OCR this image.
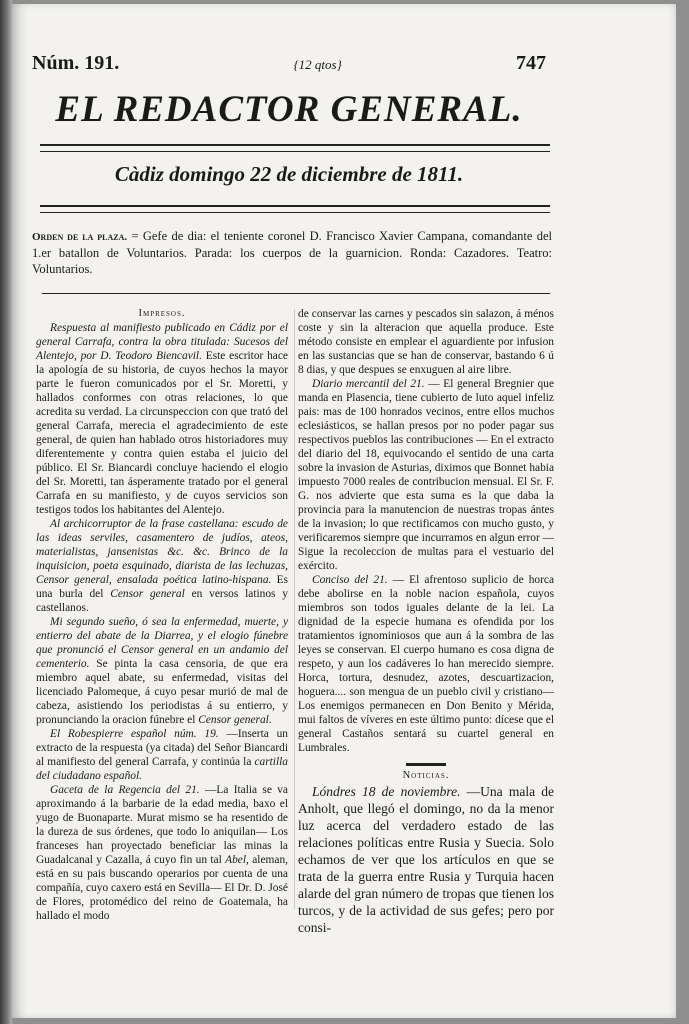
Núm. 191.	{12 qtos}	747
EL REDACTOR GENERAL.
Càdiz domingo 22 de diciembre de 1811.
Orden de la plaza. = Gefe de dia: el teniente coronel D. Francisco Xavier Campana, comandante del 1.er batallon de Voluntarios. Parada: los cuerpos de la guarnicion. Ronda: Cazadores. Teatro: Voluntarios.

Impresos.

Respuesta al manifiesto publicado en Cádiz por el general Carrafa, contra la obra titulada: Sucesos del Alentejo, por D. Teodoro Biencavil. Este escritor hace la apología de su historia, de cuyos hechos la mayor parte le fueron comunicados por el Sr. Moretti, y hallados conformes con otras relaciones, lo que acredita su verdad. La circunspeccion con que trató del general Carrafa, merecia el agradecimiento de este general, de quien han hablado otros historiadores muy diferentemente y contra quien estaba el juicio del público. El Sr. Biancardi concluye haciendo el elogio del Sr. Moretti, tan ásperamente tratado por el general Carrafa en su manifiesto, y de cuyos servicios son testigos todos los habitantes del Alentejo.

Al archicorruptor de la frase castellana: escudo de las ideas serviles, casamentero de judíos, ateos, materialistas, jansenistas &c. &c. Brinco de la inquisicion, poeta esquinado, diarista de las lechuzas, Censor general, ensalada poética latino-hispana. Es una burla del Censor general en versos latinos y castellanos.

Mi segundo sueño, ó sea la enfermedad, muerte, y entierro del abate de la Diarrea, y el elogio fúnebre que pronunció el Censor general en un andamio del cementerio. Se pinta la casa censoria, de que era miembro aquel abate, su enfermedad, visitas del licenciado Palomeque, á cuyo pesar murió de mal de cabeza, asistiendo los periodistas á su entierro, y pronunciando la oracion fúnebre el Censor general.

El Robespierre español núm. 19. —Inserta un extracto de la respuesta (ya citada) del Señor Biancardi al manifiesto del general Carrafa, y continúa la cartilla del ciudadano español.

Gaceta de la Regencia del 21. —La Italia se va aproximando á la barbarie de la edad media, baxo el yugo de Buonaparte. Murat mismo se ha resentido de la dureza de sus órdenes, que todo lo aniquilan— Los franceses han proyectado beneficiar las minas la Guadalcanal y Cazalla, á cuyo fin un tal Abel, aleman, está en su pais buscando operarios por cuenta de una compañía, cuyo caxero está en Sevilla— El Dr. D. José de Flores, protomédico del reino de Goatemala, ha hallado el modo

de conservar las carnes y pescados sin salazon, á ménos coste y sin la alteracion que aquella produce. Este método consiste en emplear el aguardiente por infusion en las sustancias que se han de conservar, bastando 6 ú 8 dias, y que despues se enxuguen al aire libre.

Diario mercantil del 21. — El general Bregnier que manda en Plasencia, tiene cubierto de luto aquel infeliz pais: mas de 100 honrados vecinos, entre ellos muchos eclesiásticos, se hallan presos por no poder pagar sus respectivos pueblos las contribuciones — En el extracto del diario del 18, equivocando el sentido de una carta sobre la invasion de Asturias, diximos que Bonnet habia impuesto 7000 reales de contribucion mensual. El Sr. F. G. nos advierte que esta suma es la que daba la provincia para la manutencion de nuestras tropas ántes de la invasion; lo que rectificamos con mucho gusto, y verificaremos siempre que incurramos en algun error — Sigue la recoleccion de multas para el vestuario del exército.

Conciso del 21. — El afrentoso suplicio de horca debe abolirse en la noble nacion española, cuyos miembros son todos iguales delante de la lei. La dignidad de la especie humana es ofendida por los tratamientos ignominiosos que aun á la sombra de las leyes se conservan. El cuerpo humano es cosa digna de respeto, y aun los cadáveres lo han merecido siempre. Horca, tortura, desnudez, azotes, descuartizacion, hoguera.... son mengua de un pueblo civil y cristiano— Los enemigos permanecen en Don Benito y Mérida, mui faltos de víveres en este último punto: dícese que el general Castaños sentará su cuartel general en Lumbrales.

Noticias.

Lóndres 18 de noviembre. —Una mala de Anholt, que llegó el domingo, no da la menor luz acerca del verdadero estado de las relaciones políticas entre Rusia y Suecia. Solo echamos de ver que los artículos en que se trata de la guerra entre Rusia y Turquia hacen alarde del gran número de tropas que tienen los turcos, y de la actividad de sus gefes; pero por consi-
